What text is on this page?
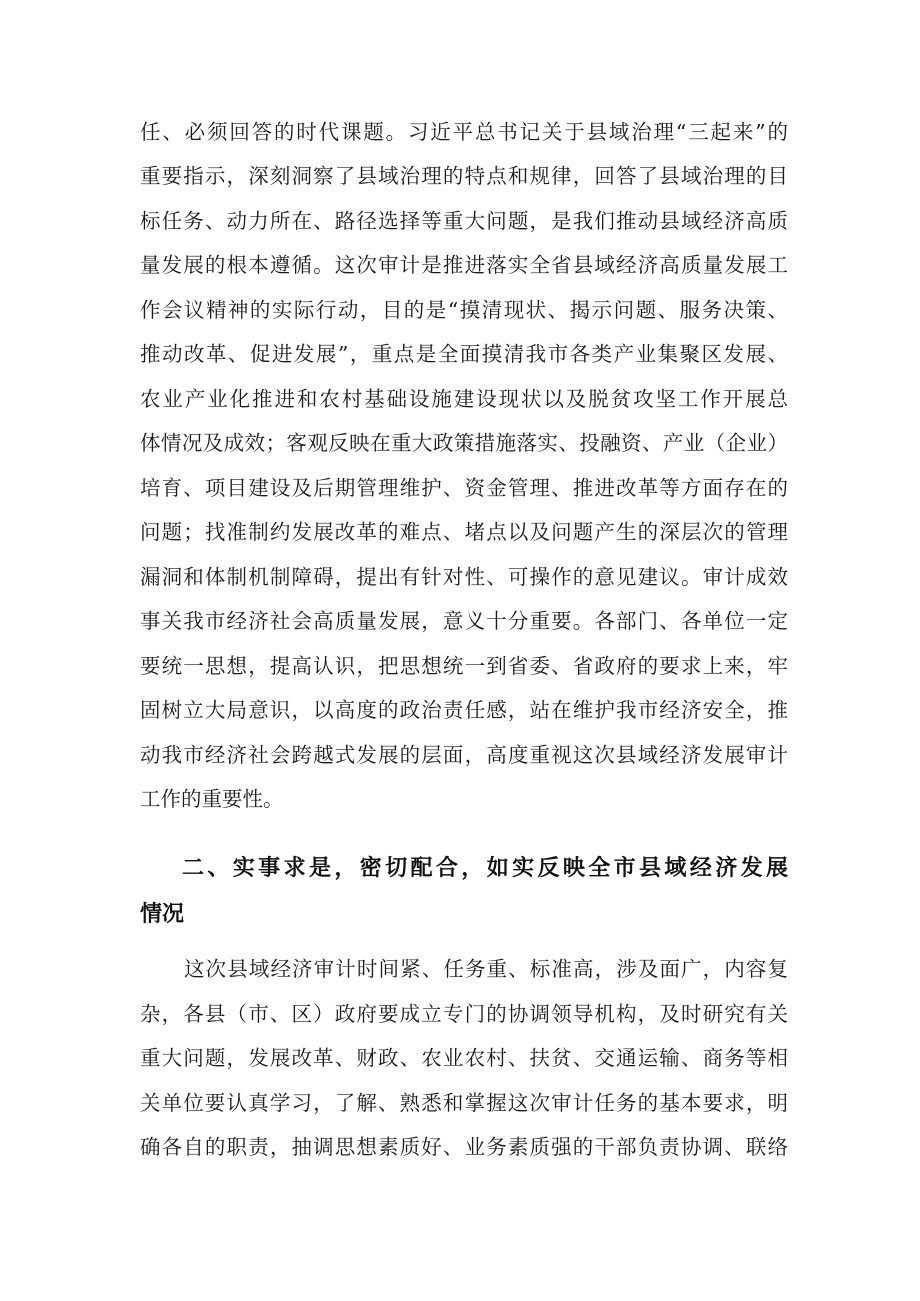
任、必须回答的时代课题。习近平总书记关于县域治理“三起来”的
重要指示，深刻洞察了县域治理的特点和规律，回答了县域治理的目
标任务、动力所在、路径选择等重大问题，是我们推动县域经济高质
量发展的根本遵循。这次审计是推进落实全省县域经济高质量发展工
作会议精神的实际行动，目的是“摸清现状、揭示问题、服务决策、
推动改革、促进发展”，重点是全面摸清我市各类产业集聚区发展、
农业产业化推进和农村基础设施建设现状以及脱贫攻坚工作开展总
体情况及成效；客观反映在重大政策措施落实、投融资、产业（企业）
培育、项目建设及后期管理维护、资金管理、推进改革等方面存在的
问题；找准制约发展改革的难点、堵点以及问题产生的深层次的管理
漏洞和体制机制障碍，提出有针对性、可操作的意见建议。审计成效
事关我市经济社会高质量发展，意义十分重要。各部门、各单位一定
要统一思想，提高认识，把思想统一到省委、省政府的要求上来，牢
固树立大局意识，以高度的政治责任感，站在维护我市经济安全，推
动我市经济社会跨越式发展的层面，高度重视这次县域经济发展审计
工作的重要性。
二、实事求是，密切配合，如实反映全市县域经济发展
情况
这次县域经济审计时间紧、任务重、标准高，涉及面广，内容复
杂，各县（市、区）政府要成立专门的协调领导机构，及时研究有关
重大问题，发展改革、财政、农业农村、扶贫、交通运输、商务等相
关单位要认真学习，了解、熟悉和掌握这次审计任务的基本要求，明
确各自的职责，抽调思想素质好、业务素质强的干部负责协调、联络
